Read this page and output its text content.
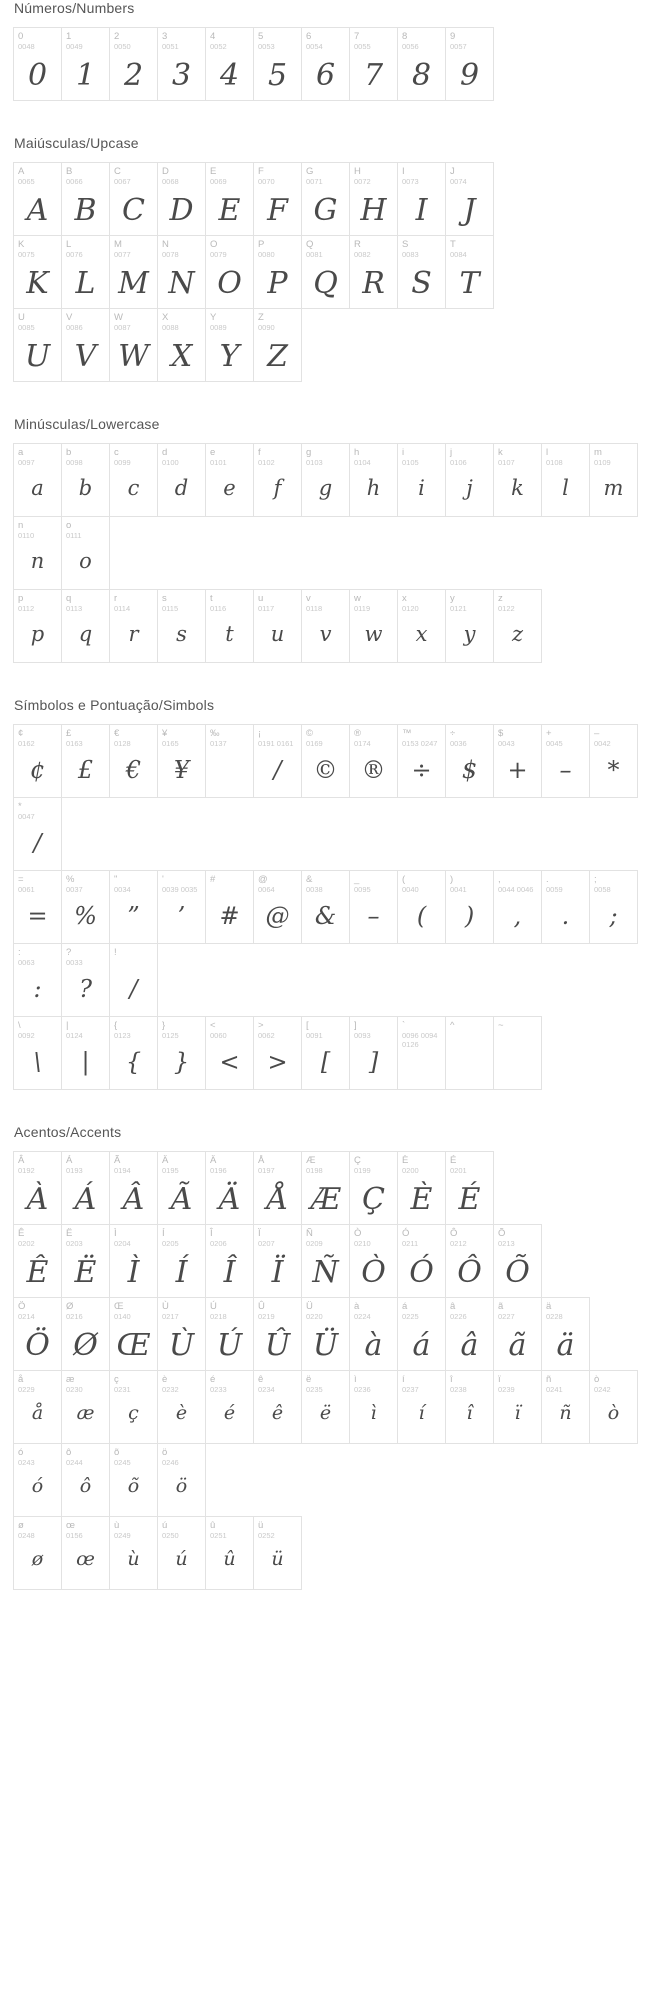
Números/Numbers
0
0048
0
1
0049
1
2
0050
2
3
0051
3
4
0052
4
5
0053
5
6
0054
6
7
0055
7
8
0056
8
9
0057
9
Maiúsculas/Upcase
A
0065
A
B
0066
B
C
0067
C
D
0068
D
E
0069
E
F
0070
F
G
0071
G
H
0072
H
I
0073
I
J
0074
J
K
0075
K
L
0076
L
M
0077
M
N
0078
N
O
0079
O
P
0080
P
Q
0081
Q
R
0082
R
S
0083
S
T
0084
T
U
0085
U
V
0086
V
W
0087
W
X
0088
X
Y
0089
Y
Z
0090
Z
Minúsculas/Lowercase
a
0097
a
b
0098
b
c
0099
c
d
0100
d
e
0101
e
f
0102
f
g
0103
g
h
0104
h
i
0105
i
j
0106
j
k
0107
k
l
0108
l
m
0109
m
n
0110
n
o
0111
o
p
0112
p
q
0113
q
r
0114
r
s
0115
s
t
0116
t
u
0117
u
v
0118
v
w
0119
w
x
0120
x
y
0121
y
z
0122
z
Símbolos e Pontuação/Simbols
¢
0162
¢
£
0163
£
€
0128
€
¥
0165
¥
‰
0137
¡
0191 0161
/
©
0169
©
®
0174
®
™
0153 0247
÷
÷
0036
$
$
0043
+
+
0045
–
–
0042
*
*
0047
/
=
0061
=
%
0037
%
"
0034
”
'
0039 0035
’
#
#
@
0064
@
&
0038
&
_
0095
–
(
0040
(
)
0041
)
,
0044 0046
,
.
0059
.
;
0058
;
:
0063
:
?
0033
?
!
/
\
0092
\
|
0124
|
{
0123
{
}
0125
}
<
0060
<
>
0062
>
[
0091
[
]
0093
]
`
0096 0094 0126
^	~
Acentos/Accents
Â
0192
À
Á
0193
Á
Ã
0194
Â
Ä
0195
Ã
Ä
0196
Ä
Å
0197
Å
Æ
0198
Æ
Ç
0199
Ç
È
0200
È
É
0201
É
Ê
0202
Ê
Ë
0203
Ë
Ì
0204
Ì
Í
0205
Í
Î
0206
Î
Ï
0207
Ï
Ñ
0209
Ñ
Ò
0210
Ò
Ó
0211
Ó
Ô
0212
Ô
Õ
0213
Õ
Ö
0214
Ö
Ø
0216
Ø
Œ
0140
Œ
Ù
0217
Ù
Ú
0218
Ú
Û
0219
Û
Ü
0220
Ü
à
0224
à
á
0225
á
â
0226
â
ã
0227
ã
ä
0228
ä
å
0229
å
æ
0230
æ
ç
0231
ç
è
0232
è
é
0233
é
ê
0234
ê
ë
0235
ë
ì
0236
ì
í
0237
í
î
0238
î
ï
0239
ï
ñ
0241
ñ
ò
0242
ò
ó
0243
ó
ô
0244
ô
õ
0245
õ
ö
0246
ö
ø
0248
ø
œ
0156
œ
ù
0249
ù
ú
0250
ú
û
0251
û
ü
0252
ü
